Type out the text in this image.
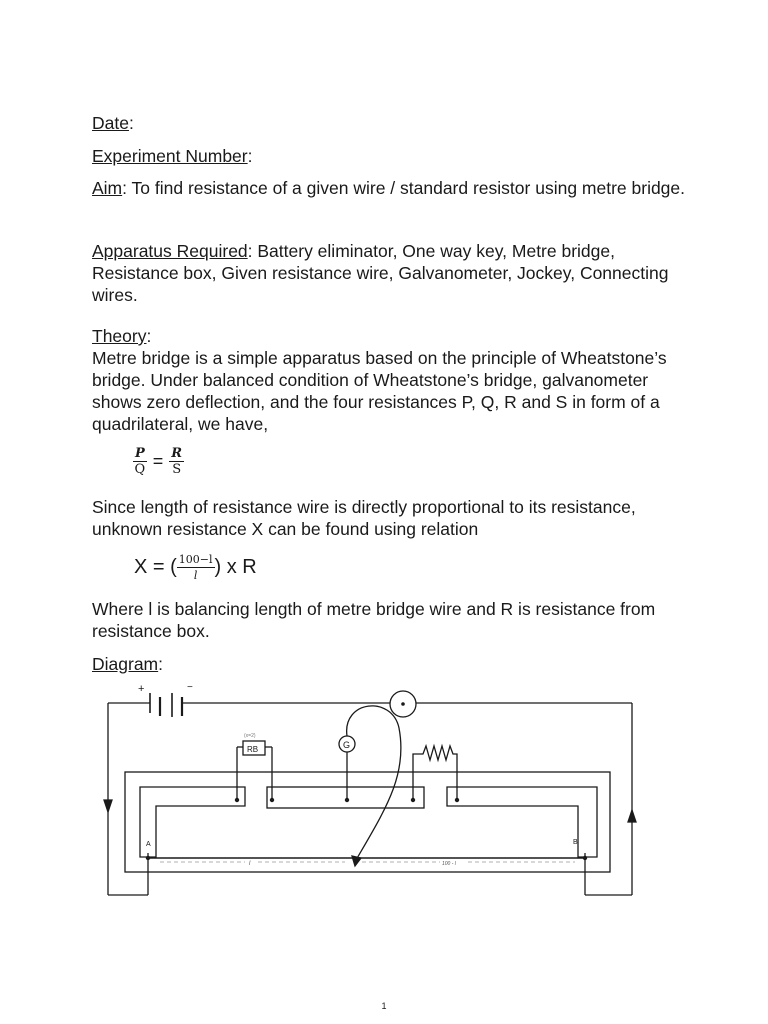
Date:
Experiment Number:
Aim: To find resistance of a given wire / standard resistor using metre bridge.
Apparatus Required: Battery eliminator, One way key, Metre bridge, Resistance box, Given resistance wire, Galvanometer, Jockey, Connecting wires.
Theory:
Metre bridge is a simple apparatus based on the principle of Wheatstone’s bridge. Under balanced condition of Wheatstone’s bridge, galvanometer shows zero deflection, and the four resistances P, Q, R and S in form of a quadrilateral, we have,
$\frac{P}{Q} = \frac{R}{S}$
Since length of resistance wire is directly proportional to its resistance, unknown resistance X can be found using relation
X = ( $\frac{100-l}{l}$ ) x R
Where l is balancing length of metre bridge wire and R is resistance from resistance box.
Diagram:
+	−
(x=2)
RB	G
A	B
l	100 - l
1
